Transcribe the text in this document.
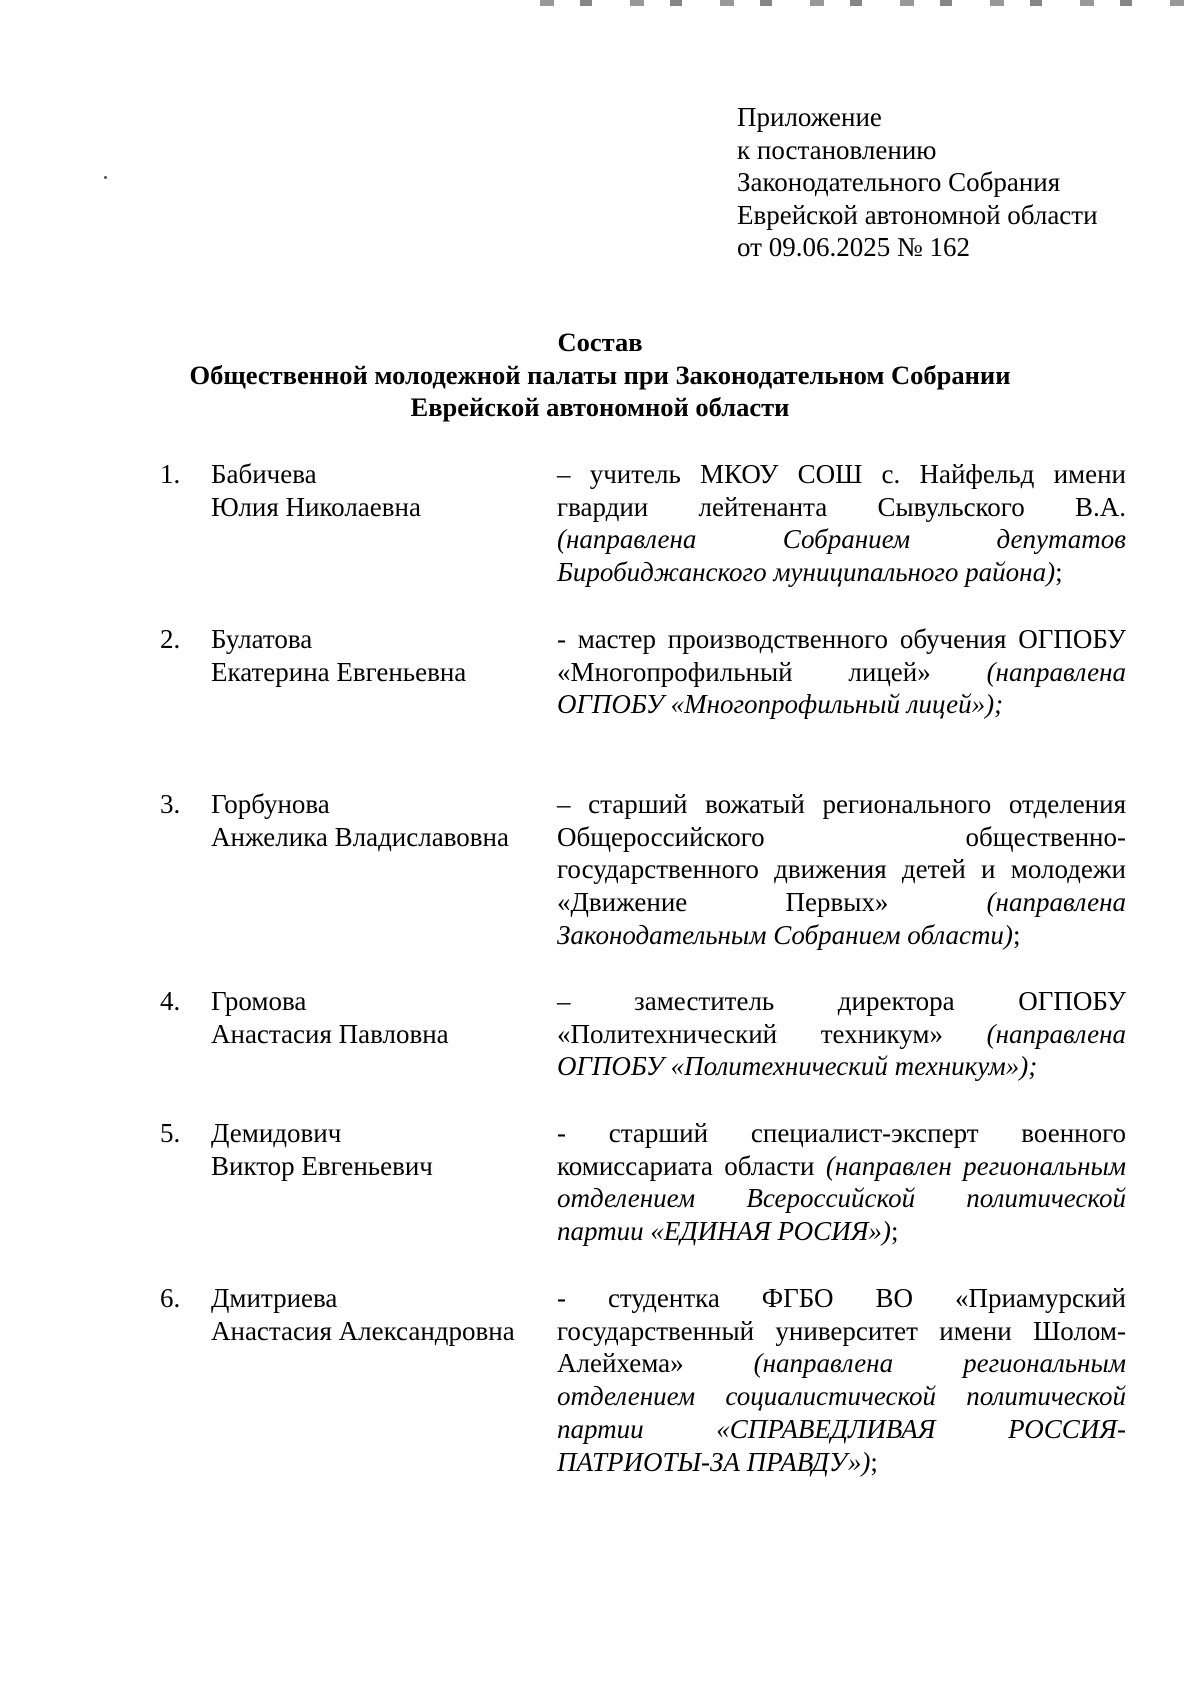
Приложение
к постановлению
Законодательного Собрания
Еврейской автономной области
от 09.06.2025 № 162
Состав
Общественной молодежной палаты при Законодательном Собрании
Еврейской автономной области
1. Бабичева
Юлия Николаевна
– учитель МКОУ СОШ с. Найфельд имени гвардии лейтенанта Сывульского В.А. (направлена Собранием депутатов Биробиджанского муниципального района);
2. Булатова
Екатерина Евгеньевна
- мастер производственного обучения ОГПОБУ «Многопрофильный лицей» (направлена ОГПОБУ «Многопрофильный лицей»);
3. Горбунова
Анжелика Владиславовна
– старший вожатый регионального отделения Общероссийского общественно-государственного движения детей и молодежи «Движение Первых»	(направлена Законодательным Собранием области);
4. Громова
Анастасия Павловна
– заместитель директора ОГПОБУ «Политехнический техникум» (направлена ОГПОБУ «Политехнический техникум»);
5. Демидович
Виктор Евгеньевич
- старший специалист-эксперт военного комиссариата области (направлен региональным отделением Всероссийской политической партии «ЕДИНАЯ РОСИЯ»);
6. Дмитриева
Анастасия Александровна
- студентка ФГБО ВО «Приамурский государственный университет имени Шолом-Алейхема»	(направлена региональным отделением социалистической политической партии «СПРАВЕДЛИВАЯ РОССИЯ-ПАТРИОТЫ-ЗА ПРАВДУ»);
